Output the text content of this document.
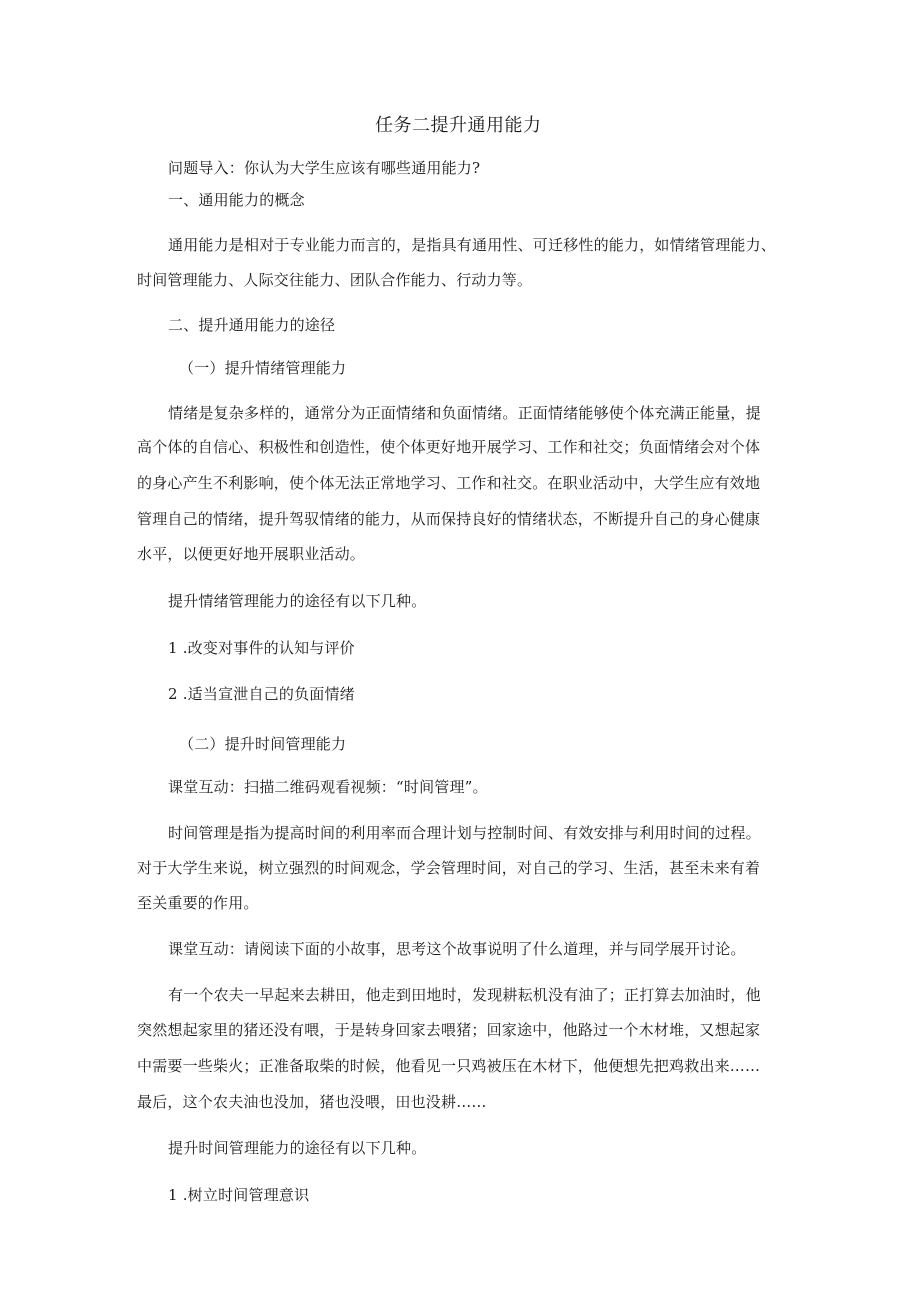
任务二提升通用能力
问题导入：你认为大学生应该有哪些通用能力?
一、通用能力的概念
通用能力是相对于专业能力而言的，是指具有通用性、可迁移性的能力，如情绪管理能力、
时间管理能力、人际交往能力、团队合作能力、行动力等。
二、提升通用能力的途径
（一）提升情绪管理能力
情绪是复杂多样的，通常分为正面情绪和负面情绪。正面情绪能够使个体充满正能量，提
高个体的自信心、积极性和创造性，使个体更好地开展学习、工作和社交；负面情绪会对个体
的身心产生不利影响，使个体无法正常地学习、工作和社交。在职业活动中，大学生应有效地
管理自己的情绪，提升驾驭情绪的能力，从而保持良好的情绪状态，不断提升自己的身心健康
水平，以便更好地开展职业活动。
提升情绪管理能力的途径有以下几种。
1 .改变对事件的认知与评价
2 .适当宣泄自己的负面情绪
（二）提升时间管理能力
课堂互动：扫描二维码观看视频：“时间管理”。
时间管理是指为提高时间的利用率而合理计划与控制时间、有效安排与利用时间的过程。
对于大学生来说，树立强烈的时间观念，学会管理时间，对自己的学习、生活，甚至未来有着
至关重要的作用。
课堂互动：请阅读下面的小故事，思考这个故事说明了什么道理，并与同学展开讨论。
有一个农夫一早起来去耕田，他走到田地时，发现耕耘机没有油了；正打算去加油时，他
突然想起家里的猪还没有喂，于是转身回家去喂猪；回家途中，他路过一个木材堆，又想起家
中需要一些柴火；正准备取柴的时候，他看见一只鸡被压在木材下，他便想先把鸡救出来……
最后，这个农夫油也没加，猪也没喂，田也没耕……
提升时间管理能力的途径有以下几种。
1 .树立时间管理意识
